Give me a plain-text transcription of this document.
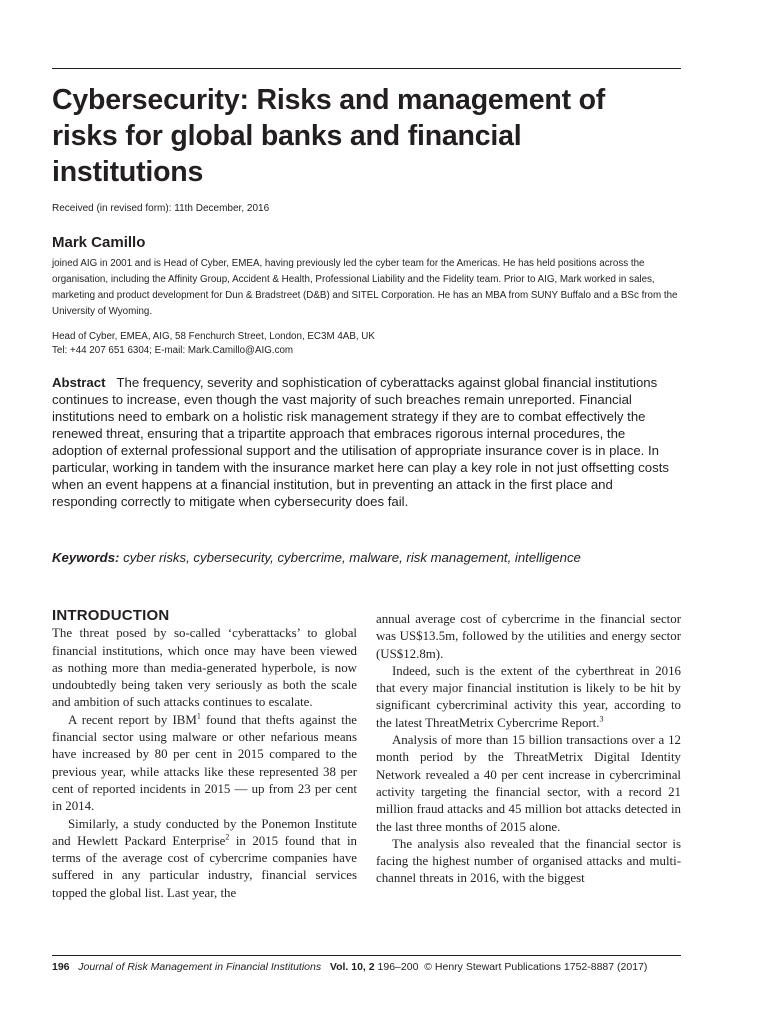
Cybersecurity: Risks and management of risks for global banks and financial institutions
Received (in revised form): 11th December, 2016
Mark Camillo

joined AIG in 2001 and is Head of Cyber, EMEA, having previously led the cyber team for the Americas. He has held positions across the organisation, including the Affinity Group, Accident & Health, Professional Liability and the Fidelity team. Prior to AIG, Mark worked in sales, marketing and product development for Dun & Bradstreet (D&B) and SITEL Corporation. He has an MBA from SUNY Buffalo and a BSc from the University of Wyoming.

Head of Cyber, EMEA, AIG, 58 Fenchurch Street, London, EC3M 4AB, UK
Tel: +44 207 651 6304; E-mail: Mark.Camillo@AIG.com

Abstract The frequency, severity and sophistication of cyberattacks against global financial institutions continues to increase, even though the vast majority of such breaches remain unreported. Financial institutions need to embark on a holistic risk management strategy if they are to combat effectively the renewed threat, ensuring that a tripartite approach that embraces rigorous internal procedures, the adoption of external professional support and the utilisation of appropriate insurance cover is in place. In particular, working in tandem with the insurance market here can play a key role in not just offsetting costs when an event happens at a financial institution, but in preventing an attack in the first place and responding correctly to mitigate when cybersecurity does fail.

Keywords: cyber risks, cybersecurity, cybercrime, malware, risk management, intelligence
INTRODUCTION

The threat posed by so-called ‘cyberattacks’ to global financial institutions, which once may have been viewed as nothing more than media-generated hyperbole, is now undoubtedly being taken very seriously as both the scale and ambition of such attacks continues to escalate.

A recent report by IBM$^1$ found that thefts against the financial sector using malware or other nefarious means have increased by 80 per cent in 2015 compared to the previous year, while attacks like these represented 38 per cent of reported incidents in 2015 — up from 23 per cent in 2014.

Similarly, a study conducted by the Ponemon Institute and Hewlett Packard Enterprise$^2$ in 2015 found that in terms of the average cost of cybercrime companies have suffered in any particular industry, financial services topped the global list. Last year, the

annual average cost of cybercrime in the financial sector was US$13.5m, followed by the utilities and energy sector (US$12.8m).

Indeed, such is the extent of the cyberthreat in 2016 that every major financial institution is likely to be hit by significant cybercriminal activity this year, according to the latest ThreatMetrix Cybercrime Report.$^3$

Analysis of more than 15 billion transactions over a 12 month period by the ThreatMetrix Digital Identity Network revealed a 40 per cent increase in cybercriminal activity targeting the financial sector, with a record 21 million fraud attacks and 45 million bot attacks detected in the last three months of 2015 alone.

The analysis also revealed that the financial sector is facing the highest number of organised attacks and multi-channel threats in 2016, with the biggest

196 Journal of Risk Management in Financial Institutions Vol. 10, 2 196–200 © Henry Stewart Publications 1752-8887 (2017)
